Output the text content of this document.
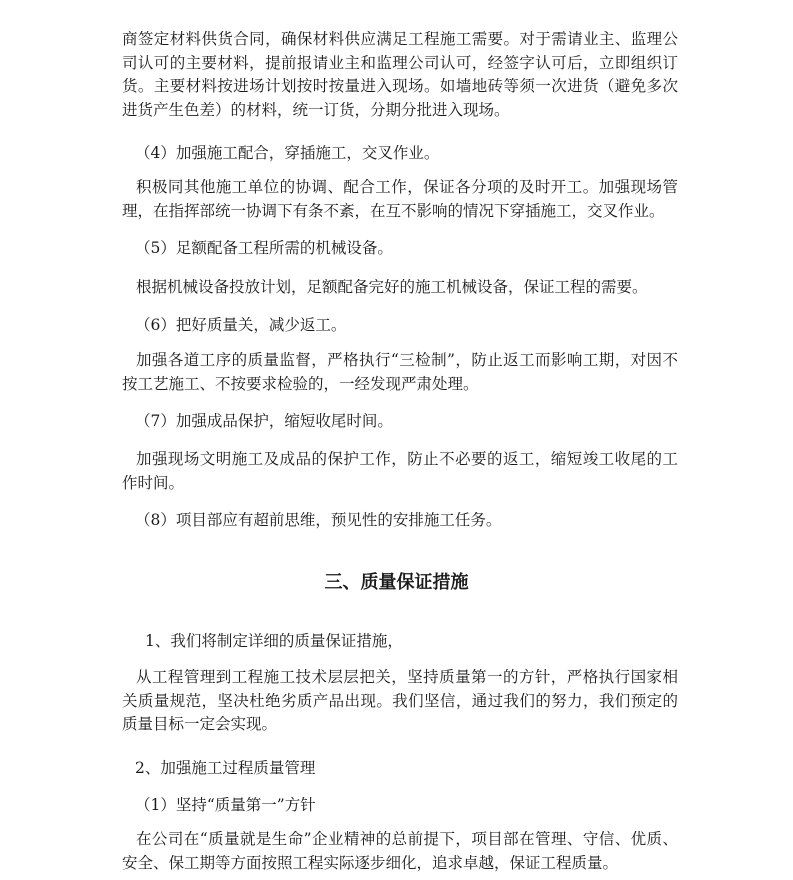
商签定材料供货合同，确保材料供应满足工程施工需要。对于需请业主、监理公司认可的主要材料，提前报请业主和监理公司认可，经签字认可后，立即组织订货。主要材料按进场计划按时按量进入现场。如墙地砖等须一次进货（避免多次进货产生色差）的材料，统一订货，分期分批进入现场。

（4）加强施工配合，穿插施工，交叉作业。

积极同其他施工单位的协调、配合工作，保证各分项的及时开工。加强现场管理，在指挥部统一协调下有条不紊，在互不影响的情况下穿插施工，交叉作业。

（5）足额配备工程所需的机械设备。

根据机械设备投放计划，足额配备完好的施工机械设备，保证工程的需要。

（6）把好质量关，减少返工。

加强各道工序的质量监督，严格执行“三检制”，防止返工而影响工期，对因不按工艺施工、不按要求检验的，一经发现严肃处理。

（7）加强成品保护，缩短收尾时间。

加强现场文明施工及成品的保护工作，防止不必要的返工，缩短竣工收尾的工作时间。

（8）项目部应有超前思维，预见性的安排施工任务。

三、质量保证措施

1、我们将制定详细的质量保证措施，

从工程管理到工程施工技术层层把关，坚持质量第一的方针，严格执行国家相关质量规范，坚决杜绝劣质产品出现。我们坚信，通过我们的努力，我们预定的质量目标一定会实现。

2、加强施工过程质量管理

（1）坚持“质量第一”方针

在公司在“质量就是生命”企业精神的总前提下，项目部在管理、守信、优质、安全、保工期等方面按照工程实际逐步细化，追求卓越，保证工程质量。
